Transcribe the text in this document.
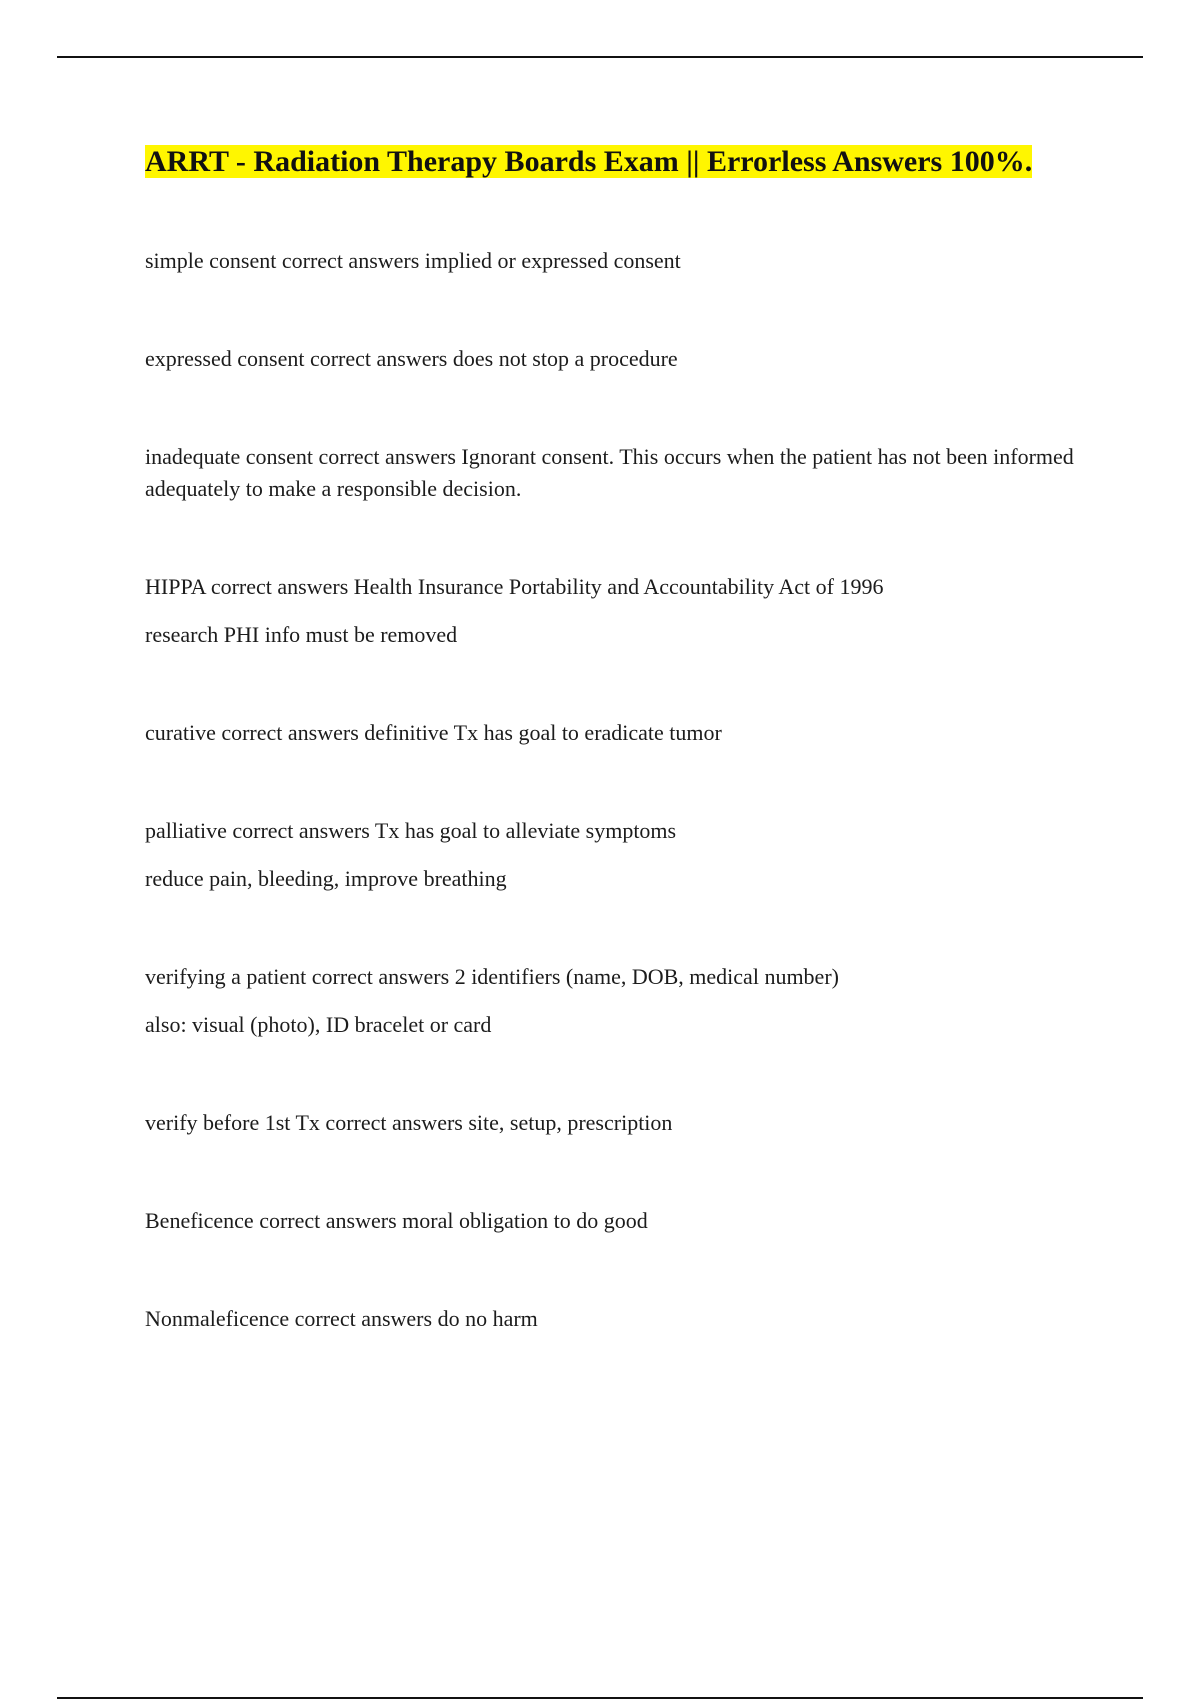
ARRT - Radiation Therapy Boards Exam || Errorless Answers 100%.

simple consent correct answers implied or expressed consent

expressed consent correct answers does not stop a procedure

inadequate consent correct answers Ignorant consent. This occurs when the patient has not been informed adequately to make a responsible decision.

HIPPA correct answers Health Insurance Portability and Accountability Act of 1996

research PHI info must be removed

curative correct answers definitive Tx has goal to eradicate tumor

palliative correct answers Tx has goal to alleviate symptoms

reduce pain, bleeding, improve breathing

verifying a patient correct answers 2 identifiers (name, DOB, medical number)

also: visual (photo), ID bracelet or card

verify before 1st Tx correct answers site, setup, prescription

Beneficence correct answers moral obligation to do good

Nonmaleficence correct answers do no harm
